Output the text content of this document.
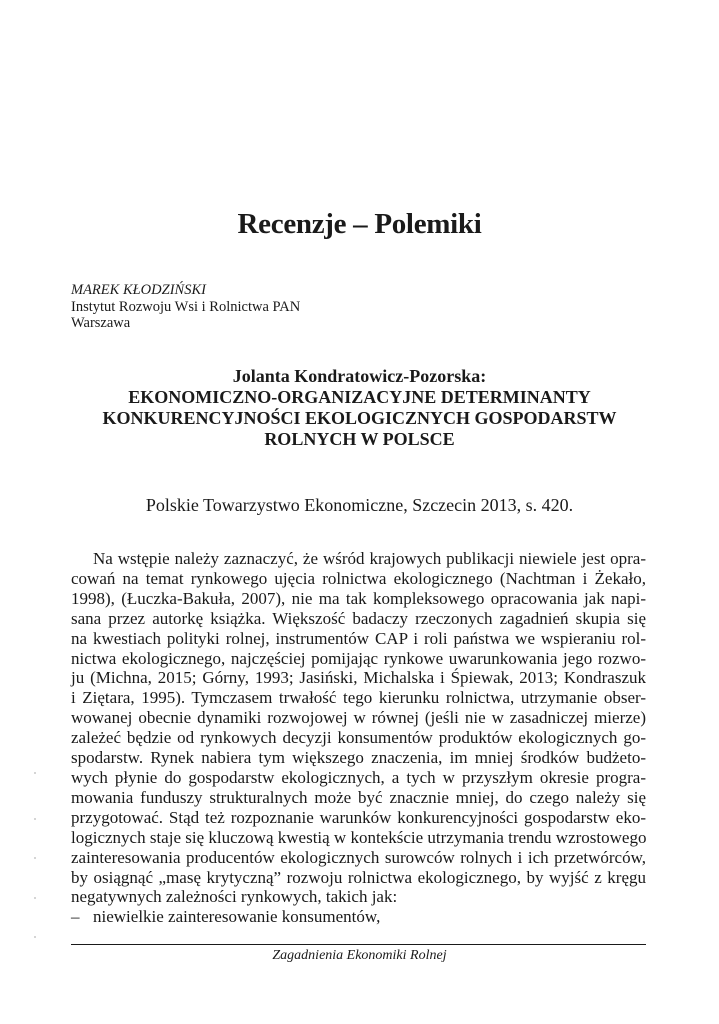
Recenzje – Polemiki
MAREK KŁODZIŃSKI
Instytut Rozwoju Wsi i Rolnictwa PAN
Warszawa
Jolanta Kondratowicz-Pozorska:
EKONOMICZNO-ORGANIZACYJNE DETERMINANTY
KONKURENCYJNOŚCI EKOLOGICZNYCH GOSPODARSTW
ROLNYCH W POLSCE
Polskie Towarzystwo Ekonomiczne, Szczecin 2013, s. 420.
Na wstępie należy zaznaczyć, że wśród krajowych publikacji niewiele jest opra-
cowań na temat rynkowego ujęcia rolnictwa ekologicznego (Nachtman i Żekało,
1998), (Łuczka-Bakuła, 2007), nie ma tak kompleksowego opracowania jak napi-
sana przez autorkę książka. Większość badaczy rzeczonych zagadnień skupia się
na kwestiach polityki rolnej, instrumentów CAP i roli państwa we wspieraniu rol-
nictwa ekologicznego, najczęściej pomijając rynkowe uwarunkowania jego rozwo-
ju (Michna, 2015; Górny, 1993; Jasiński, Michalska i Śpiewak, 2013; Kondraszuk
i Ziętara, 1995). Tymczasem trwałość tego kierunku rolnictwa, utrzymanie obser-
wowanej obecnie dynamiki rozwojowej w równej (jeśli nie w zasadniczej mierze)
zależeć będzie od rynkowych decyzji konsumentów produktów ekologicznych go-
spodarstw. Rynek nabiera tym większego znaczenia, im mniej środków budżeto-
wych płynie do gospodarstw ekologicznych, a tych w przyszłym okresie progra-
mowania funduszy strukturalnych może być znacznie mniej, do czego należy się
przygotować. Stąd też rozpoznanie warunków konkurencyjności gospodarstw eko-
logicznych staje się kluczową kwestią w kontekście utrzymania trendu wzrostowego
zainteresowania producentów ekologicznych surowców rolnych i ich przetwórców,
by osiągnąć „masę krytyczną” rozwoju rolnictwa ekologicznego, by wyjść z kręgu
negatywnych zależności rynkowych, takich jak:
– niewielkie zainteresowanie konsumentów,
Zagadnienia Ekonomiki Rolnej
